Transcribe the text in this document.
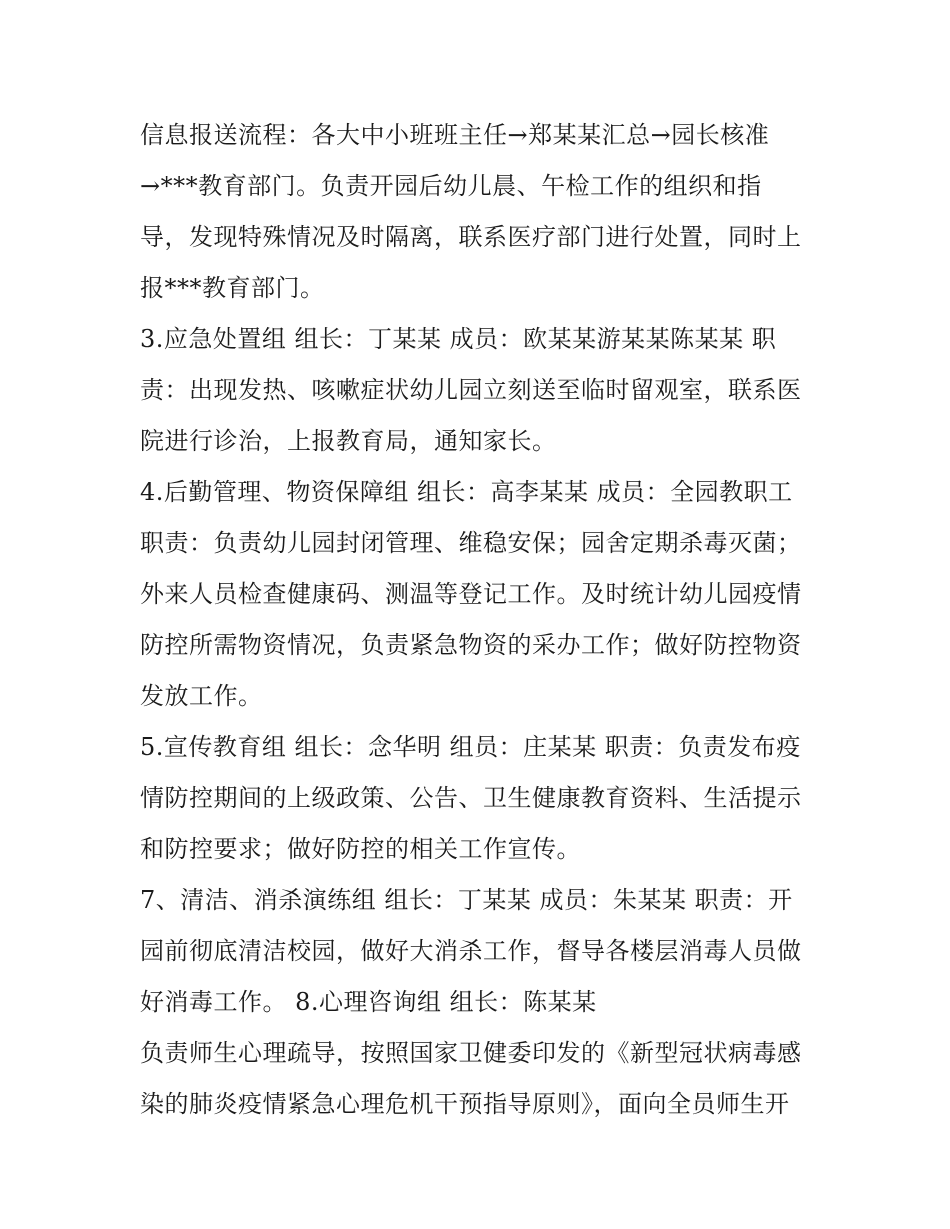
信息报送流程：各大中小班班主任→郑某某汇总→园长核准
→***教育部门。负责开园后幼儿晨、午检工作的组织和指
导，发现特殊情况及时隔离，联系医疗部门进行处置，同时上
报***教育部门。
3.应急处置组 组长：丁某某 成员：欧某某游某某陈某某 职
责：出现发热、咳嗽症状幼儿园立刻送至临时留观室，联系医
院进行诊治，上报教育局，通知家长。
4.后勤管理、物资保障组 组长：高李某某 成员：全园教职工
职责：负责幼儿园封闭管理、维稳安保；园舍定期杀毒灭菌；
外来人员检查健康码、测温等登记工作。及时统计幼儿园疫情
防控所需物资情况，负责紧急物资的采办工作；做好防控物资
发放工作。
5.宣传教育组 组长：念华明 组员：庄某某 职责：负责发布疫
情防控期间的上级政策、公告、卫生健康教育资料、生活提示
和防控要求；做好防控的相关工作宣传。
7、清洁、消杀演练组 组长：丁某某 成员：朱某某 职责：开
园前彻底清洁校园，做好大消杀工作，督导各楼层消毒人员做
好消毒工作。 8.心理咨询组 组长：陈某某
负责师生心理疏导，按照国家卫健委印发的《新型冠状病毒感
染的肺炎疫情紧急心理危机干预指导原则》，面向全员师生开
